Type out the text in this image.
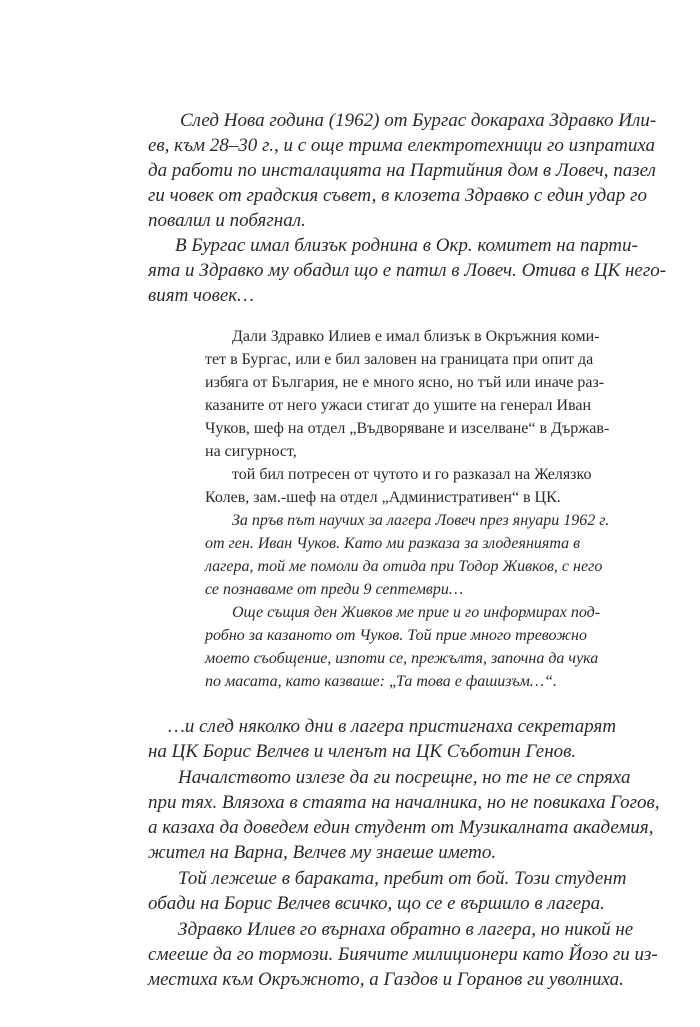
След Нова година (1962) от Бургас докараха Здравко Или-

ев, към 28–30 г., и с още трима електротехници го изпратиха

да работи по инсталацията на Партийния дом в Ловеч, пазел

ги човек от градския съвет, в клозета Здравко с един удар го

повалил и побягнал.

В Бургас имал близък роднина в Окр. комитет на парти-

ята и Здравко му обадил що е патил в Ловеч. Отива в ЦК него-

вият човек…

Дали Здравко Илиев е имал близък в Окръжния коми-

тет в Бургас, или е бил заловен на границата при опит да

избяга от България, не е много ясно, но тъй или иначе раз-

казаните от него ужаси стигат до ушите на генерал Иван

Чуков, шеф на отдел „Въдворяване и изселване“ в Държав-

на сигурност,

той бил потресен от чутото и го разказал на Желязко

Колев, зам.-шеф на отдел „Административен“ в ЦК.

За пръв път научих за лагера Ловеч през януари 1962 г.

от ген. Иван Чуков. Като ми разказа за злодеянията в

лагера, той ме помоли да отида при Тодор Живков, с него

се познаваме от преди 9 септември…

Още същия ден Живков ме прие и го информирах под-

робно за казаното от Чуков. Той прие много тревожно

моето съобщение, изпоти се, прежълтя, започна да чука

по масата, като казваше: „Та това е фашизъм…“.

…и след няколко дни в лагера пристигнаха секретарят

на ЦК Борис Велчев и членът на ЦК Съботин Генов.

Началството излезе да ги посрещне, но те не се спряха

при тях. Влязоха в стаята на началника, но не повикаха Гогов,

а казаха да доведем един студент от Музикалната академия,

жител на Варна, Велчев му знаеше името.

Той лежеше в бараката, пребит от бой. Този студент

обади на Борис Велчев всичко, що се е вършило в лагера.

Здравко Илиев го върнаха обратно в лагера, но никой не

смееше да го тормози. Биячите милиционери като Йозо ги из-

местиха към Окръжното, а Газдов и Горанов ги уволниха.
